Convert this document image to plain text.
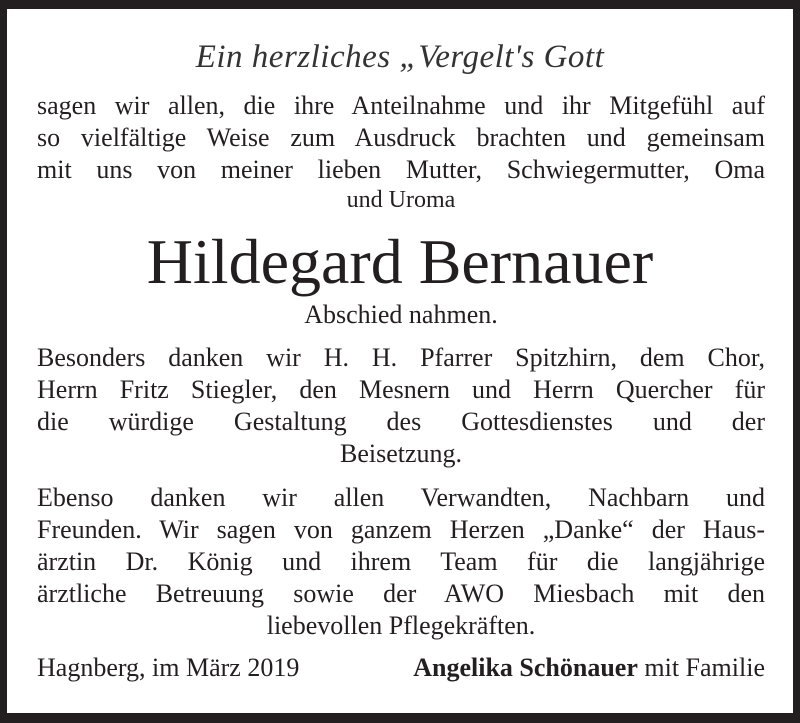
Ein herzliches „Vergelt's Gott
sagen wir allen, die ihre Anteilnahme und ihr Mitgefühl auf
so vielfältige Weise zum Ausdruck brachten und gemeinsam
mit uns von meiner lieben Mutter, Schwiegermutter, Oma
und Uroma
Hildegard Bernauer
Abschied nahmen.
Besonders danken wir H. H. Pfarrer Spitzhirn, dem Chor,
Herrn Fritz Stiegler, den Mesnern und Herrn Quercher für
die würdige Gestaltung des Gottesdienstes und der
Beisetzung.
Ebenso danken wir allen Verwandten, Nachbarn und
Freunden. Wir sagen von ganzem Herzen „Danke“ der Haus-
ärztin Dr. König und ihrem Team für die langjährige
ärztliche Betreuung sowie der AWO Miesbach mit den
liebevollen Pflegekräften.
Hagnberg, im März 2019	Angelika Schönauer mit Familie
